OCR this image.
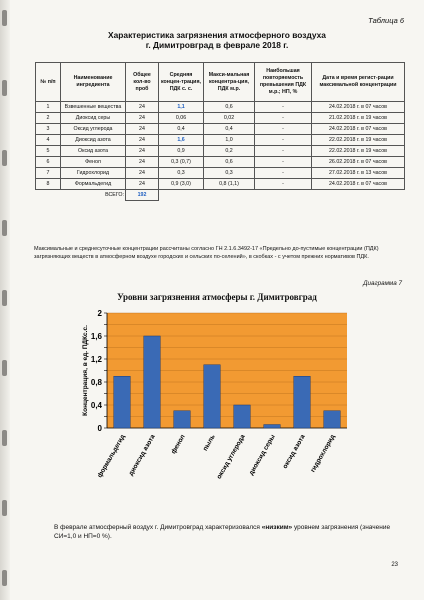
Таблица 6
Характеристика загрязнения атмосферного воздуха
г. Димитровград в феврале 2018 г.
№ п/п	Наименование ингредиента	Общее кол-во проб	Средняя концен-трация, ПДК с. с.	Макси-мальная концентра-ция, ПДК м.р.	Наибольшая повторяемость превышения ПДК м.р.; НП, %	Дата и время регист-рации максимальной концентрации
1	Взвешенные вещества	24	1,1	0,6	-	24.02.2018 г. в 07 часов
2	Диоксид серы	24	0,06	0,02	-	21.02.2018 г. в 19 часов
3	Оксид углерода	24	0,4	0,4	-	24.02.2018 г. в 07 часов
4	Диоксид азота	24	1,6	1,0	-	22.02.2018 г. в 19 часов
5	Оксид азота	24	0,9	0,2	-	22.02.2018 г. в 19 часов
6	Фенол	24	0,3 (0,7)	0,6	-	26.02.2018 г. в 07 часов
7	Гидрохлорид	24	0,3	0,3	-	27.02.2018 г. в 13 часов
8	Формальдегид	24	0,9 (3,0)	0,8 (1,1)	-	24.02.2018 г. в 07 часов
ВСЕГО:		192				
Максимальные и среднесуточные концентрации рассчитаны согласно ГН 2.1.6.3492-17 «Предельно до-пустимые концентрации (ПДК) загрязняющих веществ в атмосферном воздухе городских и сельских по-селений», в скобках - с учетом прежних нормативов ПДК.
Диаграмма 7
Уровни загрязнения атмосферы г. Димитровград
0
0,4
0,8
1,2
1,6
2
Концентрация, в ед. ПДКс.с.
формальдегид диоксид азота фенол пыль
оксид углерода диоксид серы оксид азота гидрохлорид
В феврале атмосферный воздух г. Димитровград характеризовался «низким» уровнем загрязнения (значение СИ=1,0 и НП=0 %).
23
